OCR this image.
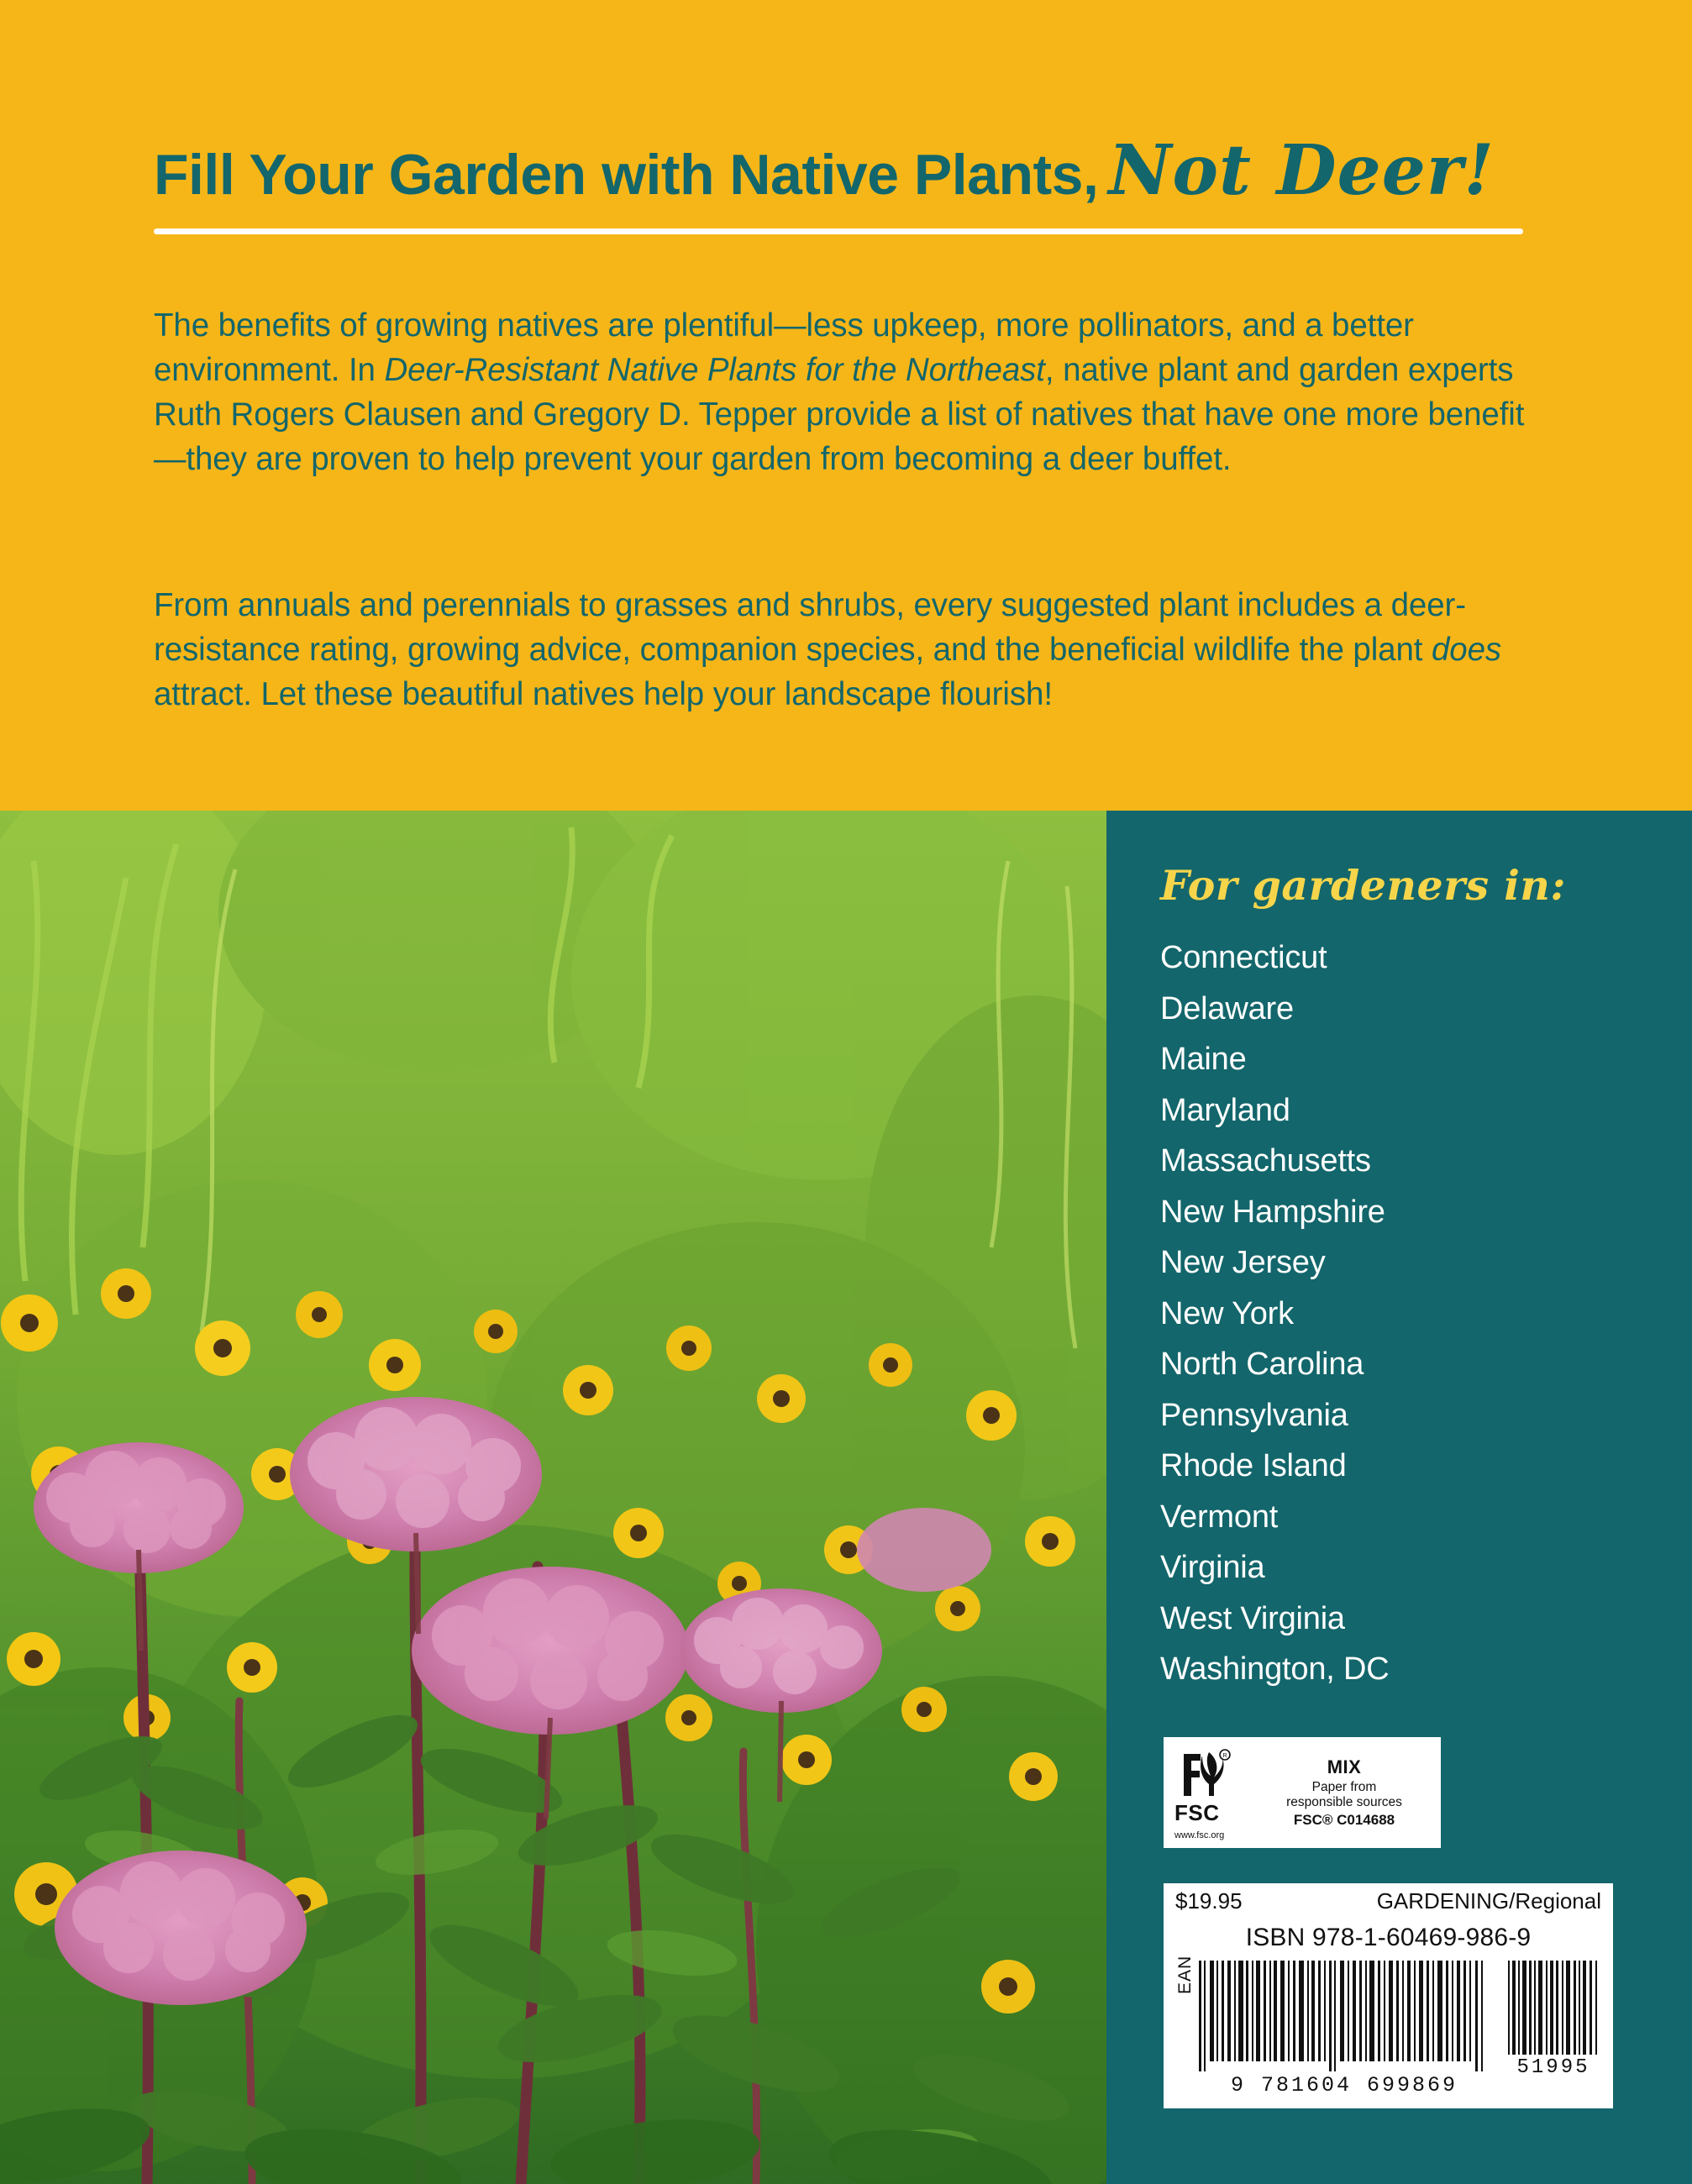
Fill Your Garden with Native Plants, Not Deer!

The benefits of growing natives are plentiful—less upkeep, more pollinators, and a better environment. In Deer-Resistant Native Plants for the Northeast, native plant and garden experts Ruth Rogers Clausen and Gregory D. Tepper provide a list of natives that have one more benefit—they are proven to help prevent your garden from becoming a deer buffet.

From annuals and perennials to grasses and shrubs, every suggested plant includes a deer-resistance rating, growing advice, companion species, and the beneficial wildlife the plant does attract. Let these beautiful natives help your landscape flourish!

For gardeners in:
Connecticut
Delaware
Maine
Maryland
Massachusetts
New Hampshire
New Jersey
New York
North Carolina
Pennsylvania
Rhode Island
Vermont
Virginia
West Virginia
Washington, DC
R
FSC
www.fsc.org
MIX
Paper from
responsible sources
FSC® C014688
$19.95	GARDENING/Regional
ISBN 978-1-60469-986-9
EAN
9 781604 699869
51995
